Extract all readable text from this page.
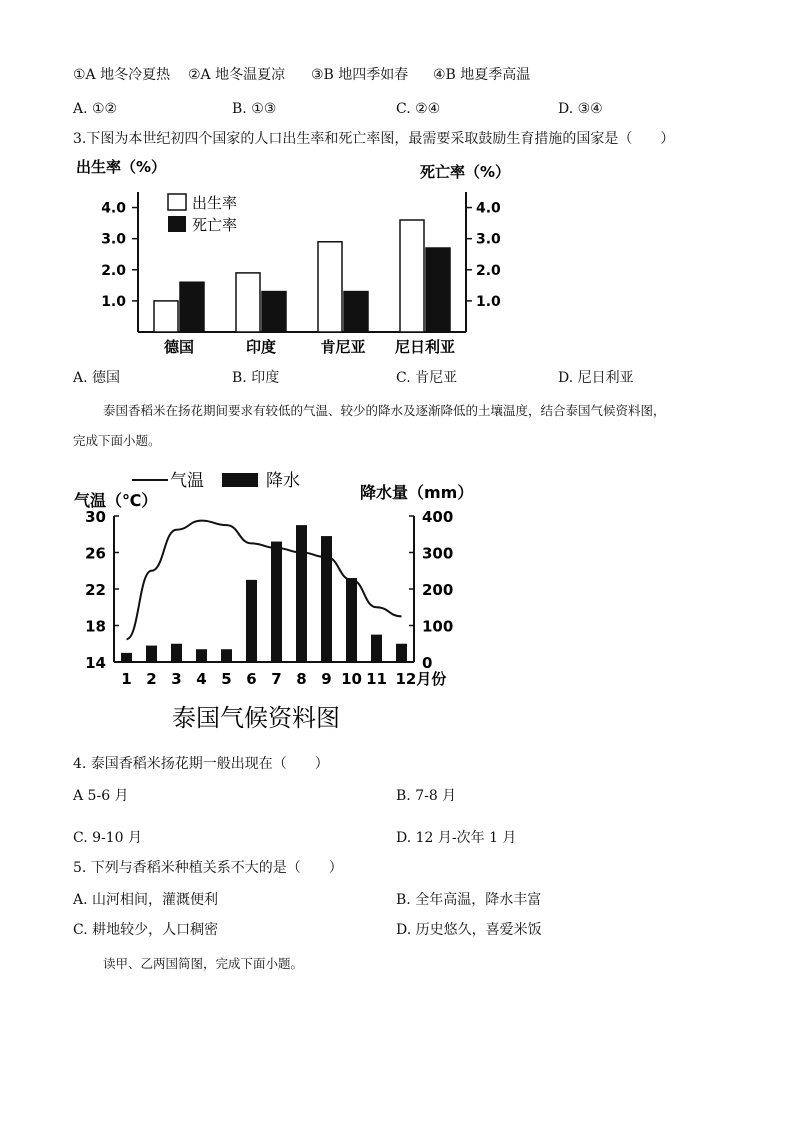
①A 地冬冷夏热 ②A 地冬温夏凉 ③B 地四季如春 ④B 地夏季高温
A. ①②	B. ①③	C. ②④	D. ③④
3.下图为本世纪初四个国家的人口出生率和死亡率图，最需要采取鼓励生育措施的国家是（　　）
出生率（%）	死亡率（%）
出生率
死亡率
1.0	1.0
2.0	2.0
3.0	3.0
4.0	4.0
德国	印度	肯尼亚 尼日利亚
A. 德国	B. 印度	C. 肯尼亚	D. 尼日利亚
泰国香稻米在扬花期间要求有较低的气温、较少的降水及逐渐降低的土壤温度，结合泰国气候资料图，
完成下面小题。
气温	降水
气温（℃）	降水量（mm）
14
18
22
26
30
0
100
200
300
400
1 2 3 4 5 6 7 8 9 10 11 12月份
泰国气候资料图
4. 泰国香稻米扬花期一般出现在（　　）
A 5-6 月	B. 7-8 月
C. 9-10 月	D. 12 月-次年 1 月
5. 下列与香稻米种植关系不大的是（　　）
A. 山河相间，灌溉便利	B. 全年高温，降水丰富
C. 耕地较少，人口稠密	D. 历史悠久，喜爱米饭
读甲、乙两国简图，完成下面小题。
